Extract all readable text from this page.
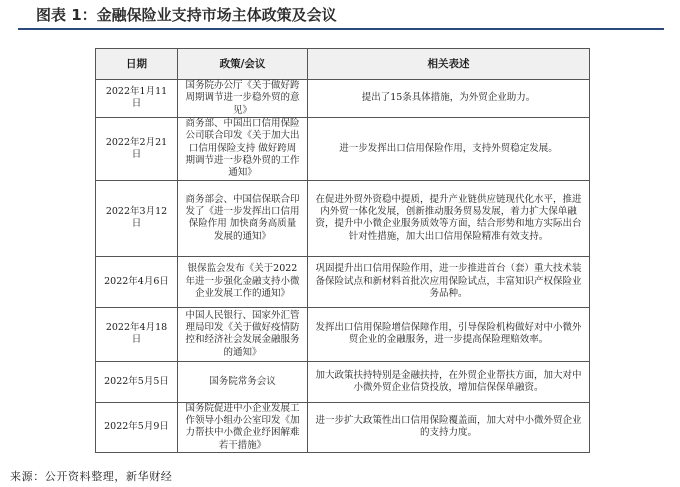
图表 1：金融保险业支持市场主体政策及会议
日期	政策/会议	相关表述
2022年1月11日	国务院办公厅《关于做好跨周期调节进一步稳外贸的意见》	提出了15条具体措施，为外贸企业助力。
2022年2月21日	商务部、中国出口信用保险公司联合印发《关于加大出口信用保险支持 做好跨周期调节进一步稳外贸的工作通知》	进一步发挥出口信用保险作用，支持外贸稳定发展。
2022年3月12日	商务部会、中国信保联合印发了《进一步发挥出口信用保险作用 加快商务高质量发展的通知》	在促进外贸外资稳中提质，提升产业链供应链现代化水平，推进内外贸一体化发展，创新推动服务贸易发展，着力扩大保单融资，提升中小微企业服务质效等方面，结合形势和地方实际出台针对性措施，加大出口信用保险精准有效支持。
2022年4月6日	银保监会发布《关于2022年进一步强化金融支持小微企业发展工作的通知》	巩固提升出口信用保险作用，进一步推进首台（套）重大技术装备保险试点和新材料首批次应用保险试点，丰富知识产权保险业务品种。
2022年4月18日	中国人民银行、国家外汇管理局印发《关于做好疫情防控和经济社会发展金融服务的通知》	发挥出口信用保险增信保障作用，引导保险机构做好对中小微外贸企业的金融服务，进一步提高保险理赔效率。
2022年5月5日	国务院常务会议	加大政策扶持特别是金融扶持，在外贸企业帮扶方面，加大对中小微外贸企业信贷投放，增加信保保单融资。
2022年5月9日	国务院促进中小企业发展工作领导小组办公室印发《加力帮扶中小微企业纾困解难若干措施》	进一步扩大政策性出口信用保险覆盖面，加大对中小微外贸企业的支持力度。
来源：公开资料整理，新华财经
